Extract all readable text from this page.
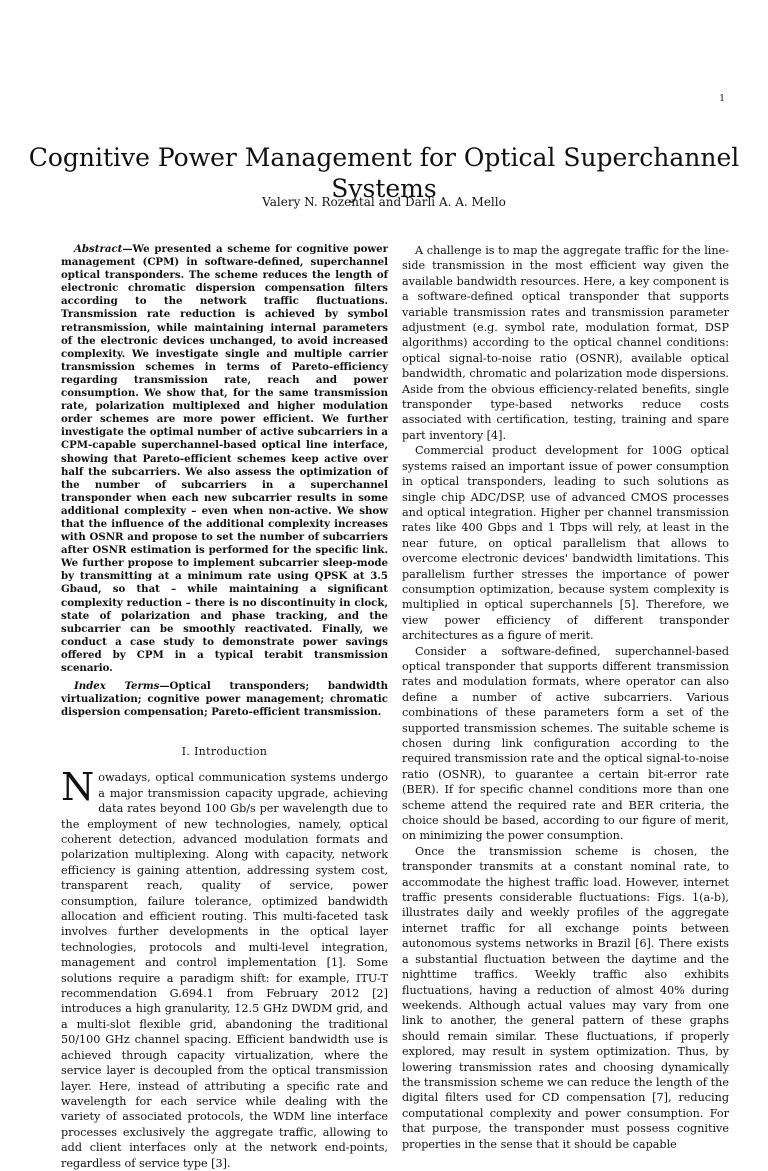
1
Cognitive Power Management for Optical Superchannel Systems
Valery N. Rozental and Darli A. A. Mello

Abstract—We presented a scheme for cognitive power management (CPM) in software-defined, superchannel optical transponders. The scheme reduces the length of electronic chromatic dispersion compensation filters according to the network traffic fluctuations. Transmission rate reduction is achieved by symbol retransmission, while maintaining internal parameters of the electronic devices unchanged, to avoid increased complexity. We investigate single and multiple carrier transmission schemes in terms of Pareto-efficiency regarding transmission rate, reach and power consumption. We show that, for the same transmission rate, polarization multiplexed and higher modulation order schemes are more power efficient. We further investigate the optimal number of active subcarriers in a CPM-capable superchannel-based optical line interface, showing that Pareto-efficient schemes keep active over half the subcarriers. We also assess the optimization of the number of subcarriers in a superchannel transponder when each new subcarrier results in some additional complexity – even when non-active. We show that the influence of the additional complexity increases with OSNR and propose to set the number of subcarriers after OSNR estimation is performed for the specific link. We further propose to implement subcarrier sleep-mode by transmitting at a minimum rate using QPSK at 3.5 Gbaud, so that – while maintaining a significant complexity reduction – there is no discontinuity in clock, state of polarization and phase tracking, and the subcarrier can be smoothly reactivated. Finally, we conduct a case study to demonstrate power savings offered by CPM in a typical terabit transmission scenario.

Index Terms—Optical transponders; bandwidth virtualization; cognitive power management; chromatic dispersion compensation; Pareto-efficient transmission.

I. Introduction

Nowadays, optical communication systems undergo a major transmission capacity upgrade, achieving data rates beyond 100 Gb/s per wavelength due to the employment of new technologies, namely, optical coherent detection, advanced modulation formats and polarization multiplexing. Along with capacity, network efficiency is gaining attention, addressing system cost, transparent reach, quality of service, power consumption, failure tolerance, optimized bandwidth allocation and efficient routing. This multi-faceted task involves further developments in the optical layer technologies, protocols and multi-level integration, management and control implementation [1]. Some solutions require a paradigm shift: for example, ITU-T recommendation G.694.1 from February 2012 [2] introduces a high granularity, 12.5 GHz DWDM grid, and a multi-slot flexible grid, abandoning the traditional 50/100 GHz channel spacing. Efficient bandwidth use is achieved through capacity virtualization, where the service layer is decoupled from the optical transmission layer. Here, instead of attributing a specific rate and wavelength for each service while dealing with the variety of associated protocols, the WDM line interface processes exclusively the aggregate traffic, allowing to add client interfaces only at the network end-points, regardless of service type [3].

A challenge is to map the aggregate traffic for the line-side transmission in the most efficient way given the available bandwidth resources. Here, a key component is a software-defined optical transponder that supports variable transmission rates and transmission parameter adjustment (e.g. symbol rate, modulation format, DSP algorithms) according to the optical channel conditions: optical signal-to-noise ratio (OSNR), available optical bandwidth, chromatic and polarization mode dispersions. Aside from the obvious efficiency-related benefits, single transponder type-based networks reduce costs associated with certification, testing, training and spare part inventory [4].

Commercial product development for 100G optical systems raised an important issue of power consumption in optical transponders, leading to such solutions as single chip ADC/DSP, use of advanced CMOS processes and optical integration. Higher per channel transmission rates like 400 Gbps and 1 Tbps will rely, at least in the near future, on optical parallelism that allows to overcome electronic devices' bandwidth limitations. This parallelism further stresses the importance of power consumption optimization, because system complexity is multiplied in optical superchannels [5]. Therefore, we view power efficiency of different transponder architectures as a figure of merit.

Consider a software-defined, superchannel-based optical transponder that supports different transmission rates and modulation formats, where operator can also define a number of active subcarriers. Various combinations of these parameters form a set of the supported transmission schemes. The suitable scheme is chosen during link configuration according to the required transmission rate and the optical signal-to-noise ratio (OSNR), to guarantee a certain bit-error rate (BER). If for specific channel conditions more than one scheme attend the required rate and BER criteria, the choice should be based, according to our figure of merit, on minimizing the power consumption.

Once the transmission scheme is chosen, the transponder transmits at a constant nominal rate, to accommodate the highest traffic load. However, internet traffic presents considerable fluctuations: Figs. 1(a-b), illustrates daily and weekly profiles of the aggregate internet traffic for all exchange points between autonomous systems networks in Brazil [6]. There exists a substantial fluctuation between the daytime and the nighttime traffics. Weekly traffic also exhibits fluctuations, having a reduction of almost 40% during weekends. Although actual values may vary from one link to another, the general pattern of these graphs should remain similar. These fluctuations, if properly explored, may result in system optimization. Thus, by lowering transmission rates and choosing dynamically the transmission scheme we can reduce the length of the digital filters used for CD compensation [7], reducing computational complexity and power consumption. For that purpose, the transponder must possess cognitive properties in the sense that it should be capable
